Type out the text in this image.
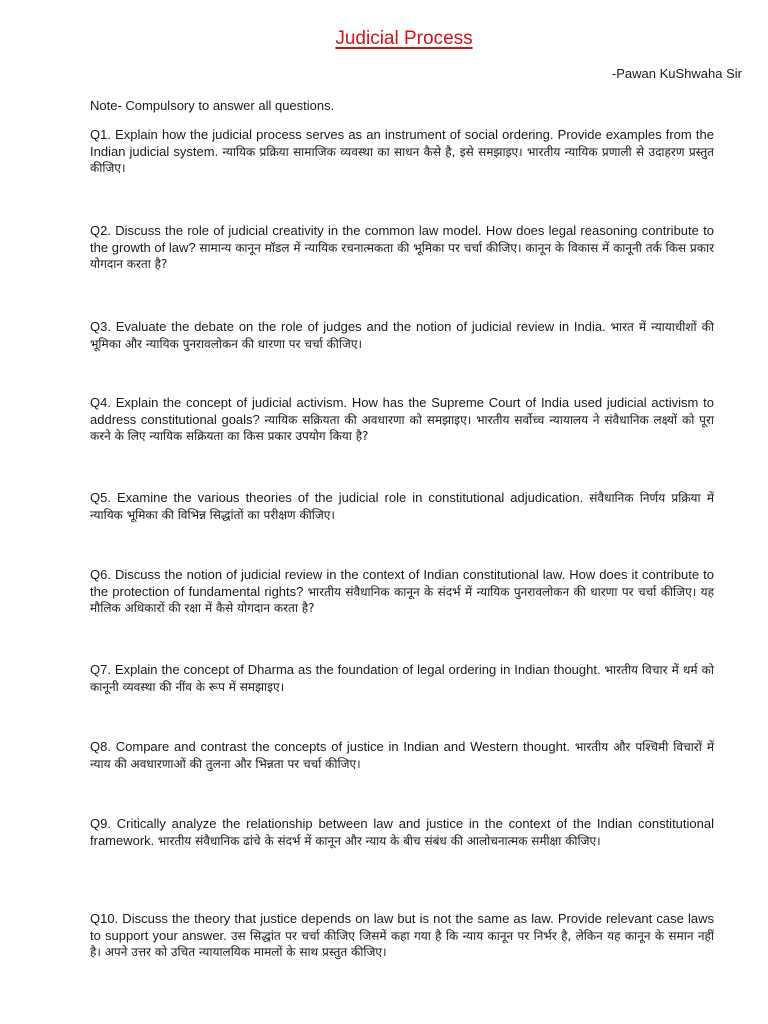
Judicial Process
-Pawan KuShwaha Sir
Note- Compulsory to answer all questions.
Q1. Explain how the judicial process serves as an instrument of social ordering. Provide examples from the Indian judicial system. न्यायिक प्रक्रिया सामाजिक व्यवस्था का साधन कैसे है, इसे समझाइए। भारतीय न्यायिक प्रणाली से उदाहरण प्रस्तुत कीजिए।
Q2. Discuss the role of judicial creativity in the common law model. How does legal reasoning contribute to the growth of law? सामान्य कानून मॉडल में न्यायिक रचनात्मकता की भूमिका पर चर्चा कीजिए। कानून के विकास में कानूनी तर्क किस प्रकार योगदान करता है?
Q3. Evaluate the debate on the role of judges and the notion of judicial review in India. भारत में न्यायाधीशों की भूमिका और न्यायिक पुनरावलोकन की धारणा पर चर्चा कीजिए।
Q4. Explain the concept of judicial activism. How has the Supreme Court of India used judicial activism to address constitutional goals? न्यायिक सक्रियता की अवधारणा को समझाइए। भारतीय सर्वोच्च न्यायालय ने संवैधानिक लक्ष्यों को पूरा करने के लिए न्यायिक सक्रियता का किस प्रकार उपयोग किया है?
Q5. Examine the various theories of the judicial role in constitutional adjudication. संवैधानिक निर्णय प्रक्रिया में न्यायिक भूमिका की विभिन्न सिद्धांतों का परीक्षण कीजिए।
Q6. Discuss the notion of judicial review in the context of Indian constitutional law. How does it contribute to the protection of fundamental rights? भारतीय संवैधानिक कानून के संदर्भ में न्यायिक पुनरावलोकन की धारणा पर चर्चा कीजिए। यह मौलिक अधिकारों की रक्षा में कैसे योगदान करता है?
Q7. Explain the concept of Dharma as the foundation of legal ordering in Indian thought. भारतीय विचार में धर्म को कानूनी व्यवस्था की नींव के रूप में समझाइए।
Q8. Compare and contrast the concepts of justice in Indian and Western thought. भारतीय और पश्चिमी विचारों में न्याय की अवधारणाओं की तुलना और भिन्नता पर चर्चा कीजिए।
Q9. Critically analyze the relationship between law and justice in the context of the Indian constitutional framework. भारतीय संवैधानिक ढांचे के संदर्भ में कानून और न्याय के बीच संबंध की आलोचनात्मक समीक्षा कीजिए।
Q10. Discuss the theory that justice depends on law but is not the same as law. Provide relevant case laws to support your answer. उस सिद्धांत पर चर्चा कीजिए जिसमें कहा गया है कि न्याय कानून पर निर्भर है, लेकिन यह कानून के समान नहीं है। अपने उत्तर को उचित न्यायालयिक मामलों के साथ प्रस्तुत कीजिए।
